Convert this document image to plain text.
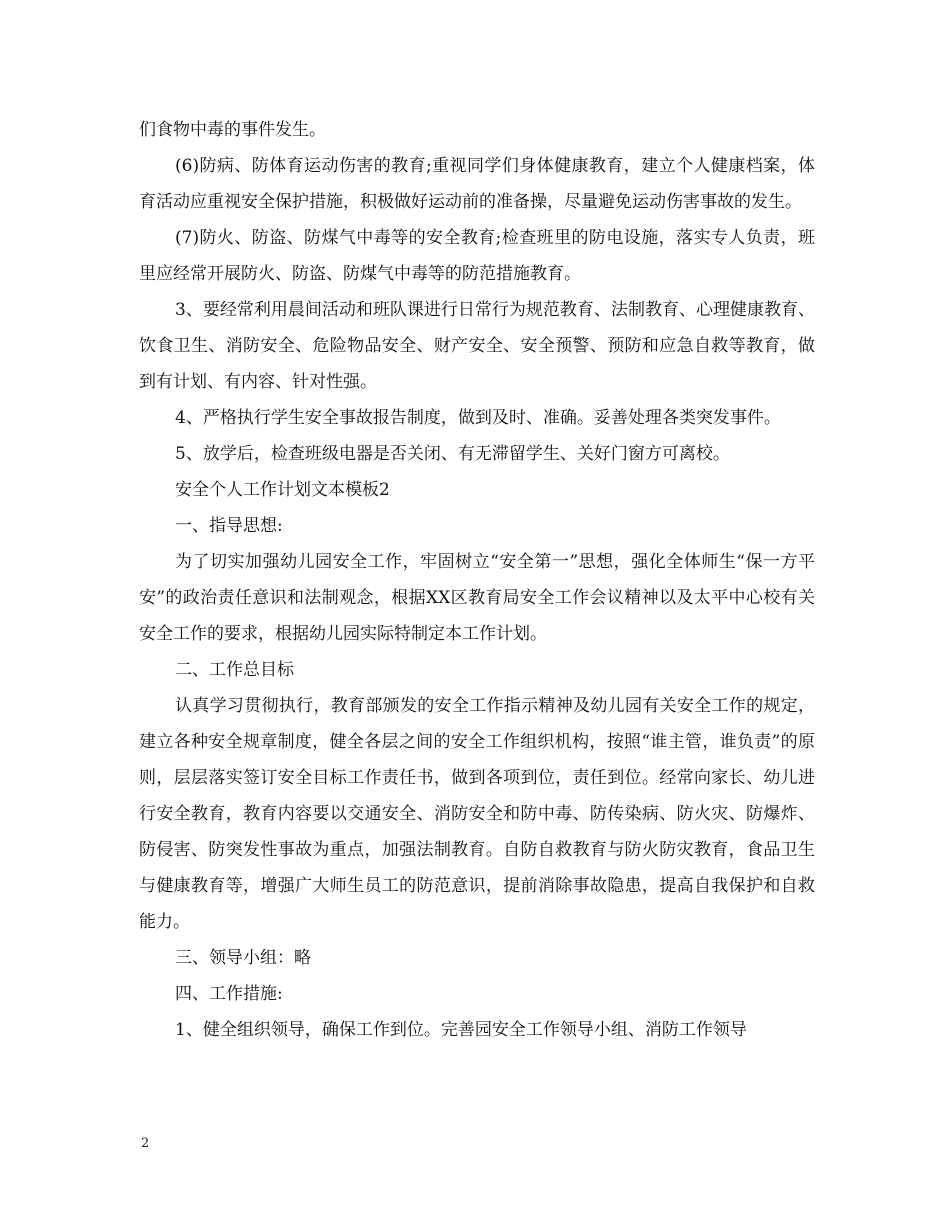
们食物中毒的事件发生。

(6)防病、防体育运动伤害的教育;重视同学们身体健康教育，建立个人健康档案，体育活动应重视安全保护措施，积极做好运动前的准备操，尽量避免运动伤害事故的发生。

(7)防火、防盗、防煤气中毒等的安全教育;检查班里的防电设施，落实专人负责，班里应经常开展防火、防盗、防煤气中毒等的防范措施教育。

3、要经常利用晨间活动和班队课进行日常行为规范教育、法制教育、心理健康教育、饮食卫生、消防安全、危险物品安全、财产安全、安全预警、预防和应急自救等教育，做到有计划、有内容、针对性强。

4、严格执行学生安全事故报告制度，做到及时、准确。妥善处理各类突发事件。

5、放学后，检查班级电器是否关闭、有无滞留学生、关好门窗方可离校。

安全个人工作计划文本模板2

一、指导思想:

为了切实加强幼儿园安全工作，牢固树立“安全第一”思想，强化全体师生“保一方平安”的政治责任意识和法制观念，根据XX区教育局安全工作会议精神以及太平中心校有关安全工作的要求，根据幼儿园实际特制定本工作计划。

二、工作总目标

认真学习贯彻执行，教育部颁发的安全工作指示精神及幼儿园有关安全工作的规定，建立各种安全规章制度，健全各层之间的安全工作组织机构，按照“谁主管，谁负责”的原则，层层落实签订安全目标工作责任书，做到各项到位，责任到位。经常向家长、幼儿进行安全教育，教育内容要以交通安全、消防安全和防中毒、防传染病、防火灾、防爆炸、防侵害、防突发性事故为重点，加强法制教育。自防自救教育与防火防灾教育，食品卫生与健康教育等，增强广大师生员工的防范意识，提前消除事故隐患，提高自我保护和自救能力。

三、领导小组：略

四、工作措施:

1、健全组织领导，确保工作到位。完善园安全工作领导小组、消防工作领导

2
